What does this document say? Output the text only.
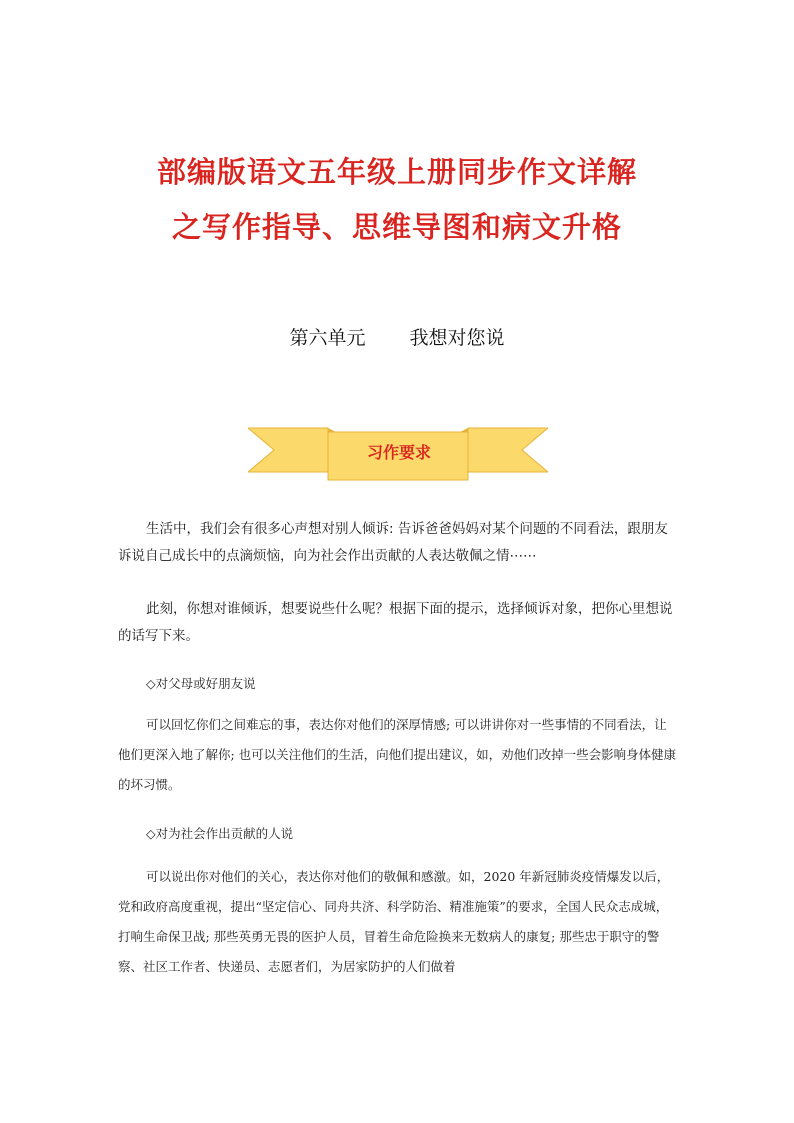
部编版语文五年级上册同步作文详解
之写作指导、思维导图和病文升格
第六单元 我想对您说
习作要求

生活中，我们会有很多心声想对别人倾诉: 告诉爸爸妈妈对某个问题的不同看法，跟朋友诉说自己成长中的点滴烦恼，向为社会作出贡献的人表达敬佩之情⋯⋯

此刻，你想对谁倾诉，想要说些什么呢？根据下面的提示，选择倾诉对象，把你心里想说的话写下来。

◇对父母或好朋友说

可以回忆你们之间难忘的事，表达你对他们的深厚情感; 可以讲讲你对一些事情的不同看法，让他们更深入地了解你; 也可以关注他们的生活，向他们提出建议，如，劝他们改掉一些会影响身体健康的坏习惯。

◇对为社会作出贡献的人说

可以说出你对他们的关心，表达你对他们的敬佩和感激。如，2020 年新冠肺炎疫情爆发以后，党和政府高度重视，提出“坚定信心、同舟共济、科学防治、精准施策”的要求，全国人民众志成城，打响生命保卫战; 那些英勇无畏的医护人员，冒着生命危险换来无数病人的康复; 那些忠于职守的警察、社区工作者、快递员、志愿者们，为居家防护的人们做着
